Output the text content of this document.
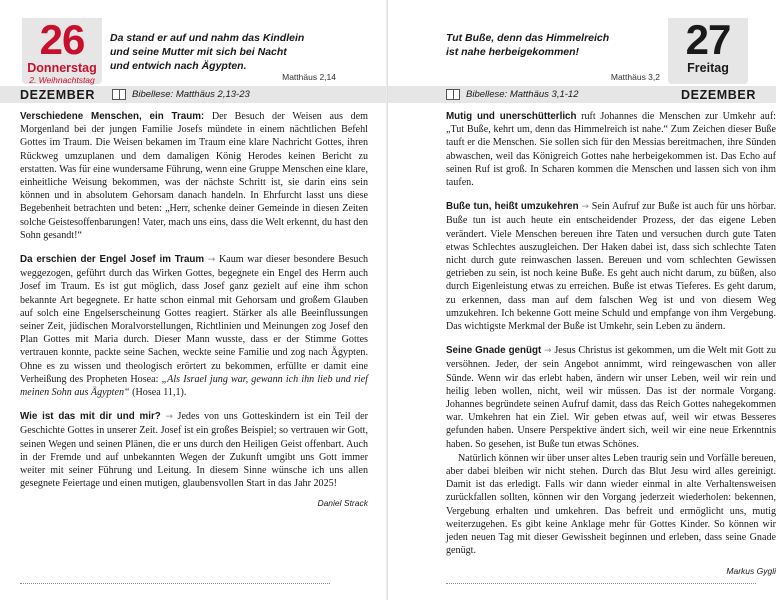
26
Donnerstag
2. Weihnachtstag
Da stand er auf und nahm das Kindlein
und seine Mutter mit sich bei Nacht
und entwich nach Ägypten.
Matthäus 2,14
DEZEMBER	Bibellese: Matthäus 2,13-23

Verschiedene Menschen, ein Traum: Der Besuch der Weisen aus dem Morgenland bei der jungen Familie Josefs mündete in einem nächtlichen Befehl Gottes im Traum. Die Weisen bekamen im Traum eine klare Nachricht Gottes, ihren Rückweg umzuplanen und dem damaligen König Herodes keinen Bericht zu erstatten. Was für eine wundersame Führung, wenn eine Gruppe Menschen eine klare, einheitliche Weisung bekommen, was der nächste Schritt ist, sie darin eins sein können und in absolutem Gehorsam danach handeln. In Ehrfurcht lasst uns diese Begebenheit betrachten und beten: „Herr, schenke deiner Gemeinde in diesen Zeiten solche Geistesoffenbarungen! Vater, mach uns eins, dass die Welt erkennt, du hast den Sohn gesandt!“

Da erschien der Engel Josef im Traum → Kaum war dieser besondere Besuch weggezogen, geführt durch das Wirken Gottes, begegnete ein Engel des Herrn auch Josef im Traum. Es ist gut möglich, dass Josef ganz gezielt auf eine ihm schon bekannte Art begegnete. Er hatte schon einmal mit Gehorsam und großem Glauben auf solch eine Engelserscheinung Gottes reagiert. Stärker als alle Beeinflussungen seiner Zeit, jüdischen Moralvorstellungen, Richtlinien und Meinungen zog Josef den Plan Gottes mit Maria durch. Dieser Mann wusste, dass er der Stimme Gottes vertrauen konnte, packte seine Sachen, weckte seine Familie und zog nach Ägypten. Ohne es zu wissen und theologisch erörtert zu bekommen, erfüllte er damit eine Verheißung des Propheten Hosea: „Als Israel jung war, gewann ich ihn lieb und rief meinen Sohn aus Ägypten“ (Hosea 11,1).

Wie ist das mit dir und mir? → Jedes von uns Gotteskindern ist ein Teil der Geschichte Gottes in unserer Zeit. Josef ist ein großes Beispiel; so vertrauen wir Gott, seinen Wegen und seinen Plänen, die er uns durch den Heiligen Geist offenbart. Auch in der Fremde und auf unbekannten Wegen der Zukunft umgibt uns Gott immer weiter mit seiner Führung und Leitung. In diesem Sinne wünsche ich uns allen gesegnete Feiertage und einen mutigen, glaubensvollen Start in das Jahr 2025!

Daniel Strack
27
Freitag
Tut Buße, denn das Himmelreich
ist nahe herbeigekommen!
Matthäus 3,2
Bibellese: Matthäus 3,1-12	DEZEMBER

Mutig und unerschütterlich ruft Johannes die Menschen zur Umkehr auf: „Tut Buße, kehrt um, denn das Himmelreich ist nahe.“ Zum Zeichen dieser Buße tauft er die Menschen. Sie sollen sich für den Messias bereitmachen, ihre Sünden abwaschen, weil das Königreich Gottes nahe herbeigekommen ist. Das Echo auf seinen Ruf ist groß. In Scharen kommen die Menschen und lassen sich von ihm taufen.

Buße tun, heißt umzukehren → Sein Aufruf zur Buße ist auch für uns hörbar. Buße tun ist auch heute ein entscheidender Prozess, der das eigene Leben verändert. Viele Menschen bereuen ihre Taten und versuchen durch gute Taten etwas Schlechtes auszugleichen. Der Haken dabei ist, dass sich schlechte Taten nicht durch gute reinwaschen lassen. Bereuen und vom schlechten Gewissen getrieben zu sein, ist noch keine Buße. Es geht auch nicht darum, zu büßen, also durch Eigenleistung etwas zu erreichen. Buße ist etwas Tieferes. Es geht darum, zu erkennen, dass man auf dem falschen Weg ist und von diesem Weg umzukehren. Ich bekenne Gott meine Schuld und empfange von ihm Vergebung. Das wichtigste Merkmal der Buße ist Umkehr, sein Leben zu ändern.

Seine Gnade genügt → Jesus Christus ist gekommen, um die Welt mit Gott zu versöhnen. Jeder, der sein Angebot annimmt, wird reingewaschen von aller Sünde. Wenn wir das erlebt haben, ändern wir unser Leben, weil wir rein und heilig leben wollen, nicht, weil wir müssen. Das ist der normale Vorgang. Johannes begründete seinen Aufruf damit, dass das Reich Gottes nahegekommen war. Umkehren hat ein Ziel. Wir geben etwas auf, weil wir etwas Besseres gefunden haben. Unsere Perspektive ändert sich, weil wir eine neue Erkenntnis haben. So gesehen, ist Buße tun etwas Schönes.

Natürlich können wir über unser altes Leben traurig sein und Vorfälle bereuen, aber dabei bleiben wir nicht stehen. Durch das Blut Jesu wird alles gereinigt. Damit ist das erledigt. Falls wir dann wieder einmal in alte Verhaltensweisen zurückfallen sollten, können wir den Vorgang jederzeit wiederholen: bekennen, Vergebung erhalten und umkehren. Das befreit und ermöglicht uns, mutig weiterzugehen. Es gibt keine Anklage mehr für Gottes Kinder. So können wir jeden neuen Tag mit dieser Gewissheit beginnen und erleben, dass seine Gnade genügt.

Markus Gygli
